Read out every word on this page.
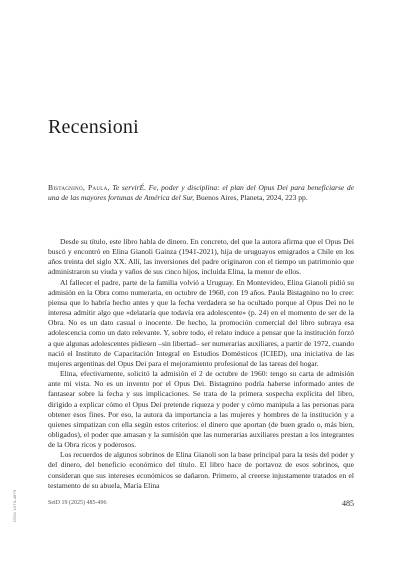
ISSN 1970-4879
Recensioni

Bistagnino, Paula, Te servirÉ. Fe, poder y disciplina: el plan del Opus Dei para beneficiarse de una de las mayores fortunas de América del Sur, Buenos Aires, Planeta, 2024, 223 pp.

Desde su título, este libro habla de dinero. En concreto, del que la autora afirma que el Opus Dei buscó y encontró en Elina Gianoli Gainza (1941-2021), hija de uruguayos emigrados a Chile en los años treinta del siglo XX. Allí, las inversiones del padre originaron con el tiempo un patrimonio que administraron su viuda y vaños de sus cinco hijos, incluida Elina, la menor de ellos.

Al fallecer el padre, parte de la familia volvió a Uruguay. En Montevideo, Elina Gianoli pidió su admisión en la Obra como numeraria, en octubre de 1960, con 19 años. Paula Bistagnino no lo cree: piensa que lo habría hecho antes y que la fecha verdadera se ha ocultado porque al Opus Dei no le interesa admitir algo que «delataría que todavía era adolescente» (p. 24) en el momento de ser de la Obra. No es un dato casual o inocente. De hecho, la promoción comercial del libro subraya esa adolescencia como un dato relevante. Y, sobre todo, el relato induce a pensar que la institución forzó a que algunas adolescentes pidiesen –sin libertad– ser numerarias auxiliares, a partir de 1972, cuando nació el Instituto de Capacitación Integral en Estudios Domésticos (ICIED), una iniciativa de las mujeres argentinas del Opus Dei para el mejoramiento profesional de las tareas del hogar.

Elina, efectivamente, solicitó la admisión el 2 de octubre de 1960: tengo su carta de admisión ante mi vista. No es un invento por el Opus Dei. Bistagnino podría haberse informado antes de fantasear sobre la fecha y sus implicaciones. Se trata de la primera sospecha explícita del libro, dirigido a explicar cómo el Opus Dei pretende riqueza y poder y cómo manipula a las personas para obtener esos fines. Por eso, la autora da importancia a las mujeres y hombres de la institución y a quienes simpatizan con ella según estos criterios: el dinero que aportan (de buen grado o, más bien, obligados), el poder que amasan y la sumisión que las numerarias auxiliares prestan a los integrantes de la Obra ricos y poderosos.

Los recuerdos de algunos sobrinos de Elina Gianoli son la base principal para la tesis del poder y del dinero, del beneficio económico del título. El libro hace de portavoz de esos sobrinos, que consideran que sus intereses económicos se dañaron. Primero, al creerse injustamente tratados en el testamento de su abuela, María Elina

SetD 19 (2025) 485-496	485
